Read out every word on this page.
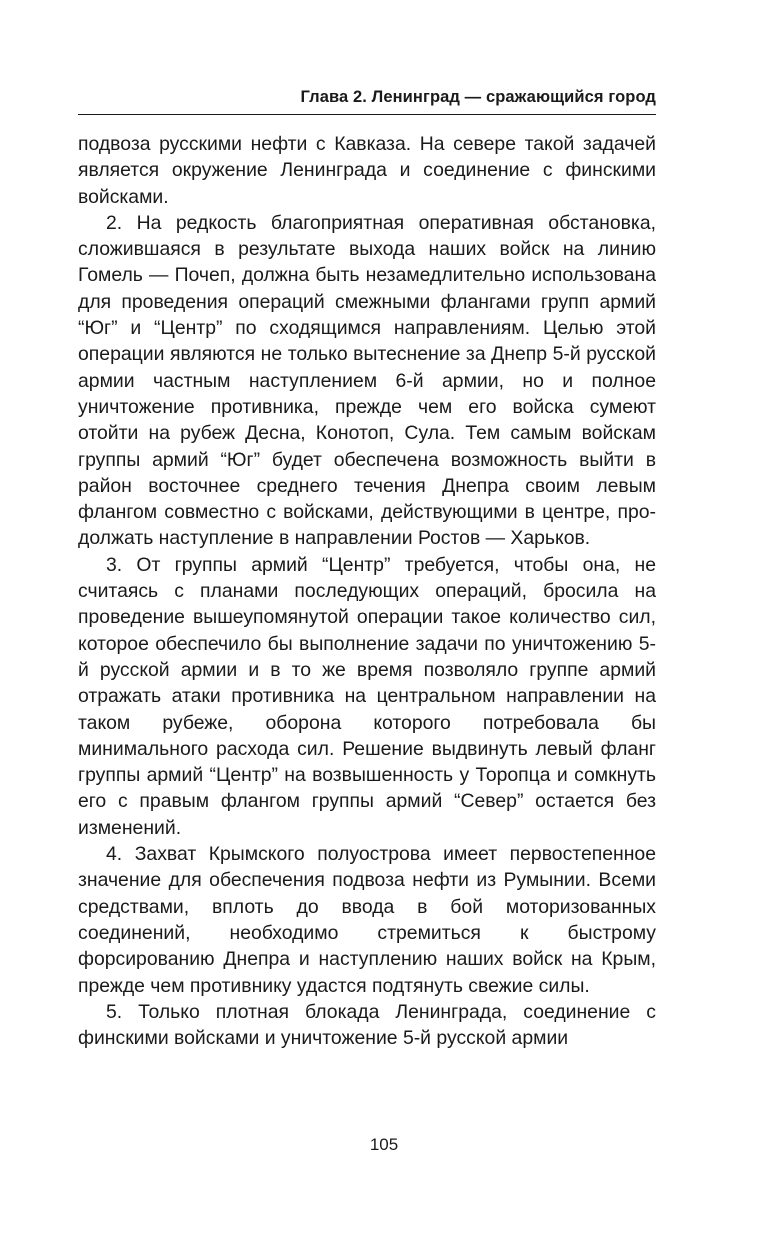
Глава 2. Ленинград — сражающийся город

подвоза русскими нефти с Кавказа. На севере такой задачей является окружение Ленинграда и соединение с финскими войсками.

2. На редкость благоприятная оперативная обстановка, сложившаяся в результате выхода наших войск на линию Гомель — Почеп, должна быть незамедлительно использована для проведения операций смежными флангами групп армий “Юг” и “Центр” по сходящимся направлениям. Целью этой операции являются не только вытеснение за Днепр 5-й русской армии частным наступлением 6-й армии, но и полное уничтожение противника, прежде чем его войска сумеют отойти на рубеж Десна, Конотоп, Сула. Тем самым войскам группы армий “Юг” будет обеспечена возможность выйти в район восточнее среднего течения Днепра своим левым флангом совместно с войсками, действующими в центре, продолжать наступление в направлении Ростов — Харьков.

3. От группы армий “Центр” требуется, чтобы она, не считаясь с планами последующих операций, бросила на проведение вышеупомянутой операции такое количество сил, которое обеспечило бы выполнение задачи по уничтожению 5-й русской армии и в то же время позволяло группе армий отражать атаки противника на центральном направлении на таком рубеже, оборона которого потребовала бы минимального расхода сил. Решение выдвинуть левый фланг группы армий “Центр” на возвышенность у Торопца и сомкнуть его с правым флангом группы армий “Север” остается без изменений.

4. Захват Крымского полуострова имеет первостепенное значение для обеспечения подвоза нефти из Румынии. Всеми средствами, вплоть до ввода в бой моторизованных соединений, необходимо стремиться к быстрому форсированию Днепра и наступлению наших войск на Крым, прежде чем противнику удастся подтянуть свежие силы.

5. Только плотная блокада Ленинграда, соединение с финскими войсками и уничтожение 5-й русской армии

105
